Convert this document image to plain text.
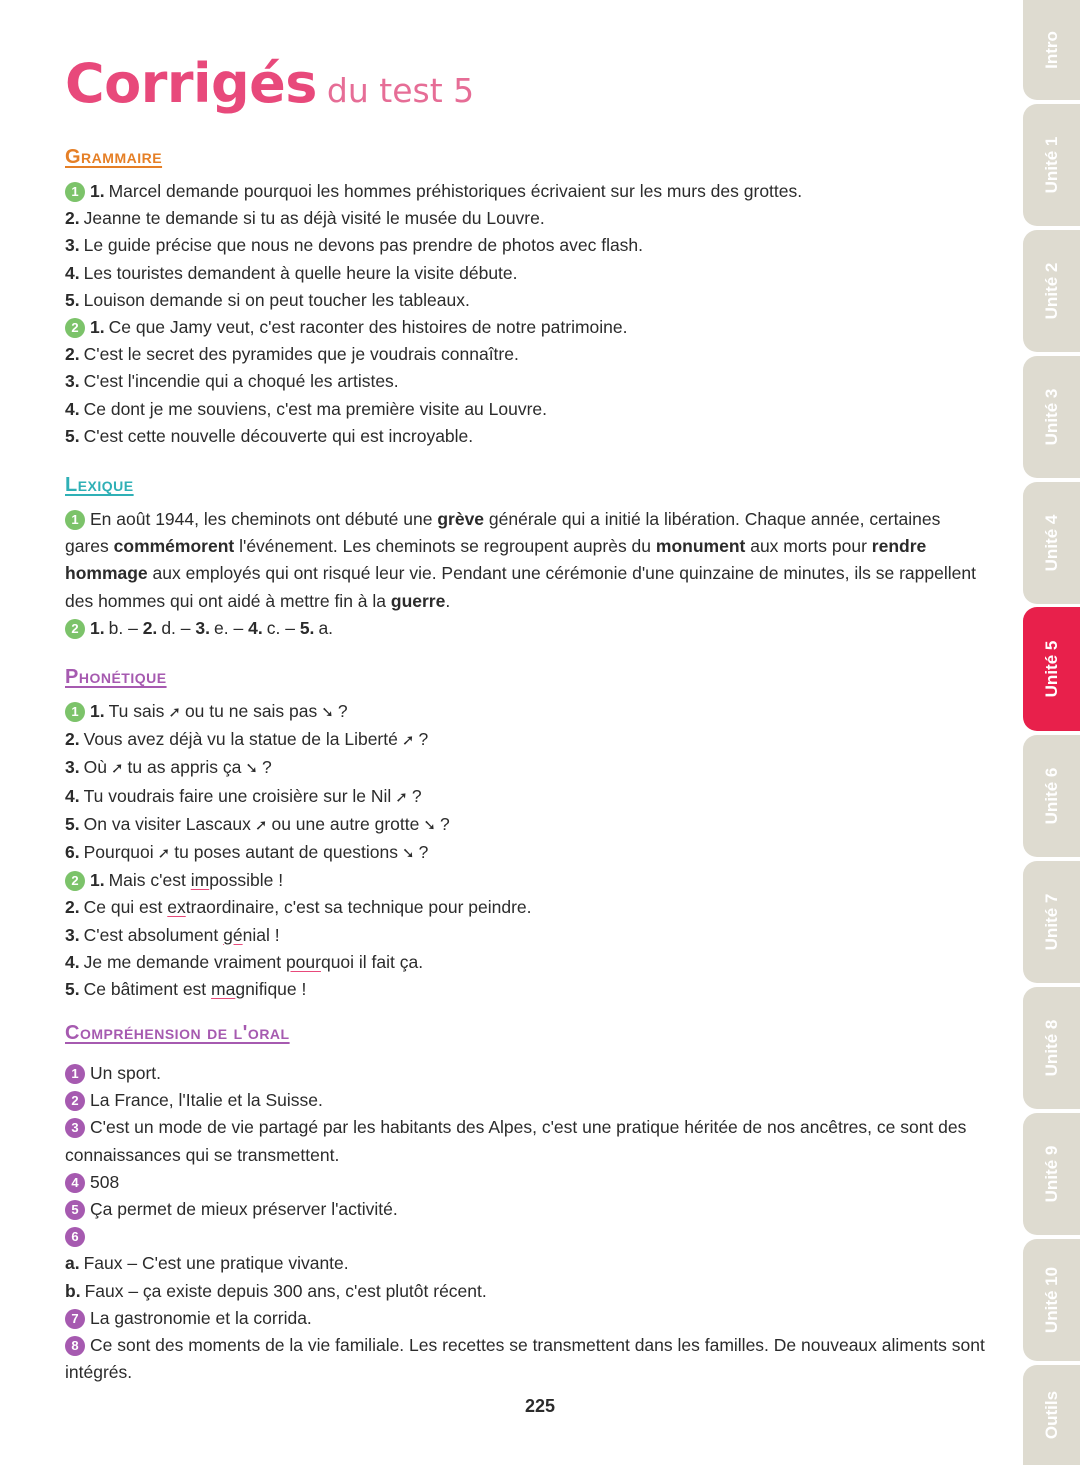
Corrigés du test 5
Grammaire
1 1. Marcel demande pourquoi les hommes préhistoriques écrivaient sur les murs des grottes.
2. Jeanne te demande si tu as déjà visité le musée du Louvre.
3. Le guide précise que nous ne devons pas prendre de photos avec flash.
4. Les touristes demandent à quelle heure la visite débute.
5. Louison demande si on peut toucher les tableaux.
2 1. Ce que Jamy veut, c'est raconter des histoires de notre patrimoine.
2. C'est le secret des pyramides que je voudrais connaître.
3. C'est l'incendie qui a choqué les artistes.
4. Ce dont je me souviens, c'est ma première visite au Louvre.
5. C'est cette nouvelle découverte qui est incroyable.
Lexique
1 En août 1944, les cheminots ont débuté une grève générale qui a initié la libération. Chaque année, certaines gares commémorent l'événement. Les cheminots se regroupent auprès du monument aux morts pour rendre hommage aux employés qui ont risqué leur vie. Pendant une cérémonie d'une quinzaine de minutes, ils se rappellent des hommes qui ont aidé à mettre fin à la guerre.
2 1. b. – 2. d. – 3. e. – 4. c. – 5. a.
Phonétique
1 1. Tu sais ➚ ou tu ne sais pas ➘ ?
2. Vous avez déjà vu la statue de la Liberté ➚ ?
3. Où ➚ tu as appris ça ➘ ?
4. Tu voudrais faire une croisière sur le Nil ➚ ?
5. On va visiter Lascaux ➚ ou une autre grotte ➘ ?
6. Pourquoi ➚ tu poses autant de questions ➘ ?
2 1. Mais c'est impossible !
2. Ce qui est extraordinaire, c'est sa technique pour peindre.
3. C'est absolument génial !
4. Je me demande vraiment pourquoi il fait ça.
5. Ce bâtiment est magnifique !
Compréhension de l'oral
1 Un sport.
2 La France, l'Italie et la Suisse.
3 C'est un mode de vie partagé par les habitants des Alpes, c'est une pratique héritée de nos ancêtres, ce sont des connaissances qui se transmettent.
4 508
5 Ça permet de mieux préserver l'activité.
6
a. Faux – C'est une pratique vivante.
b. Faux – ça existe depuis 300 ans, c'est plutôt récent.
7 La gastronomie et la corrida.
8 Ce sont des moments de la vie familiale. Les recettes se transmettent dans les familles. De nouveaux aliments sont intégrés.
225
Intro
Unité 1
Unité 2
Unité 3
Unité 4
Unité 5
Unité 6
Unité 7
Unité 8
Unité 9
Unité 10
Outils
